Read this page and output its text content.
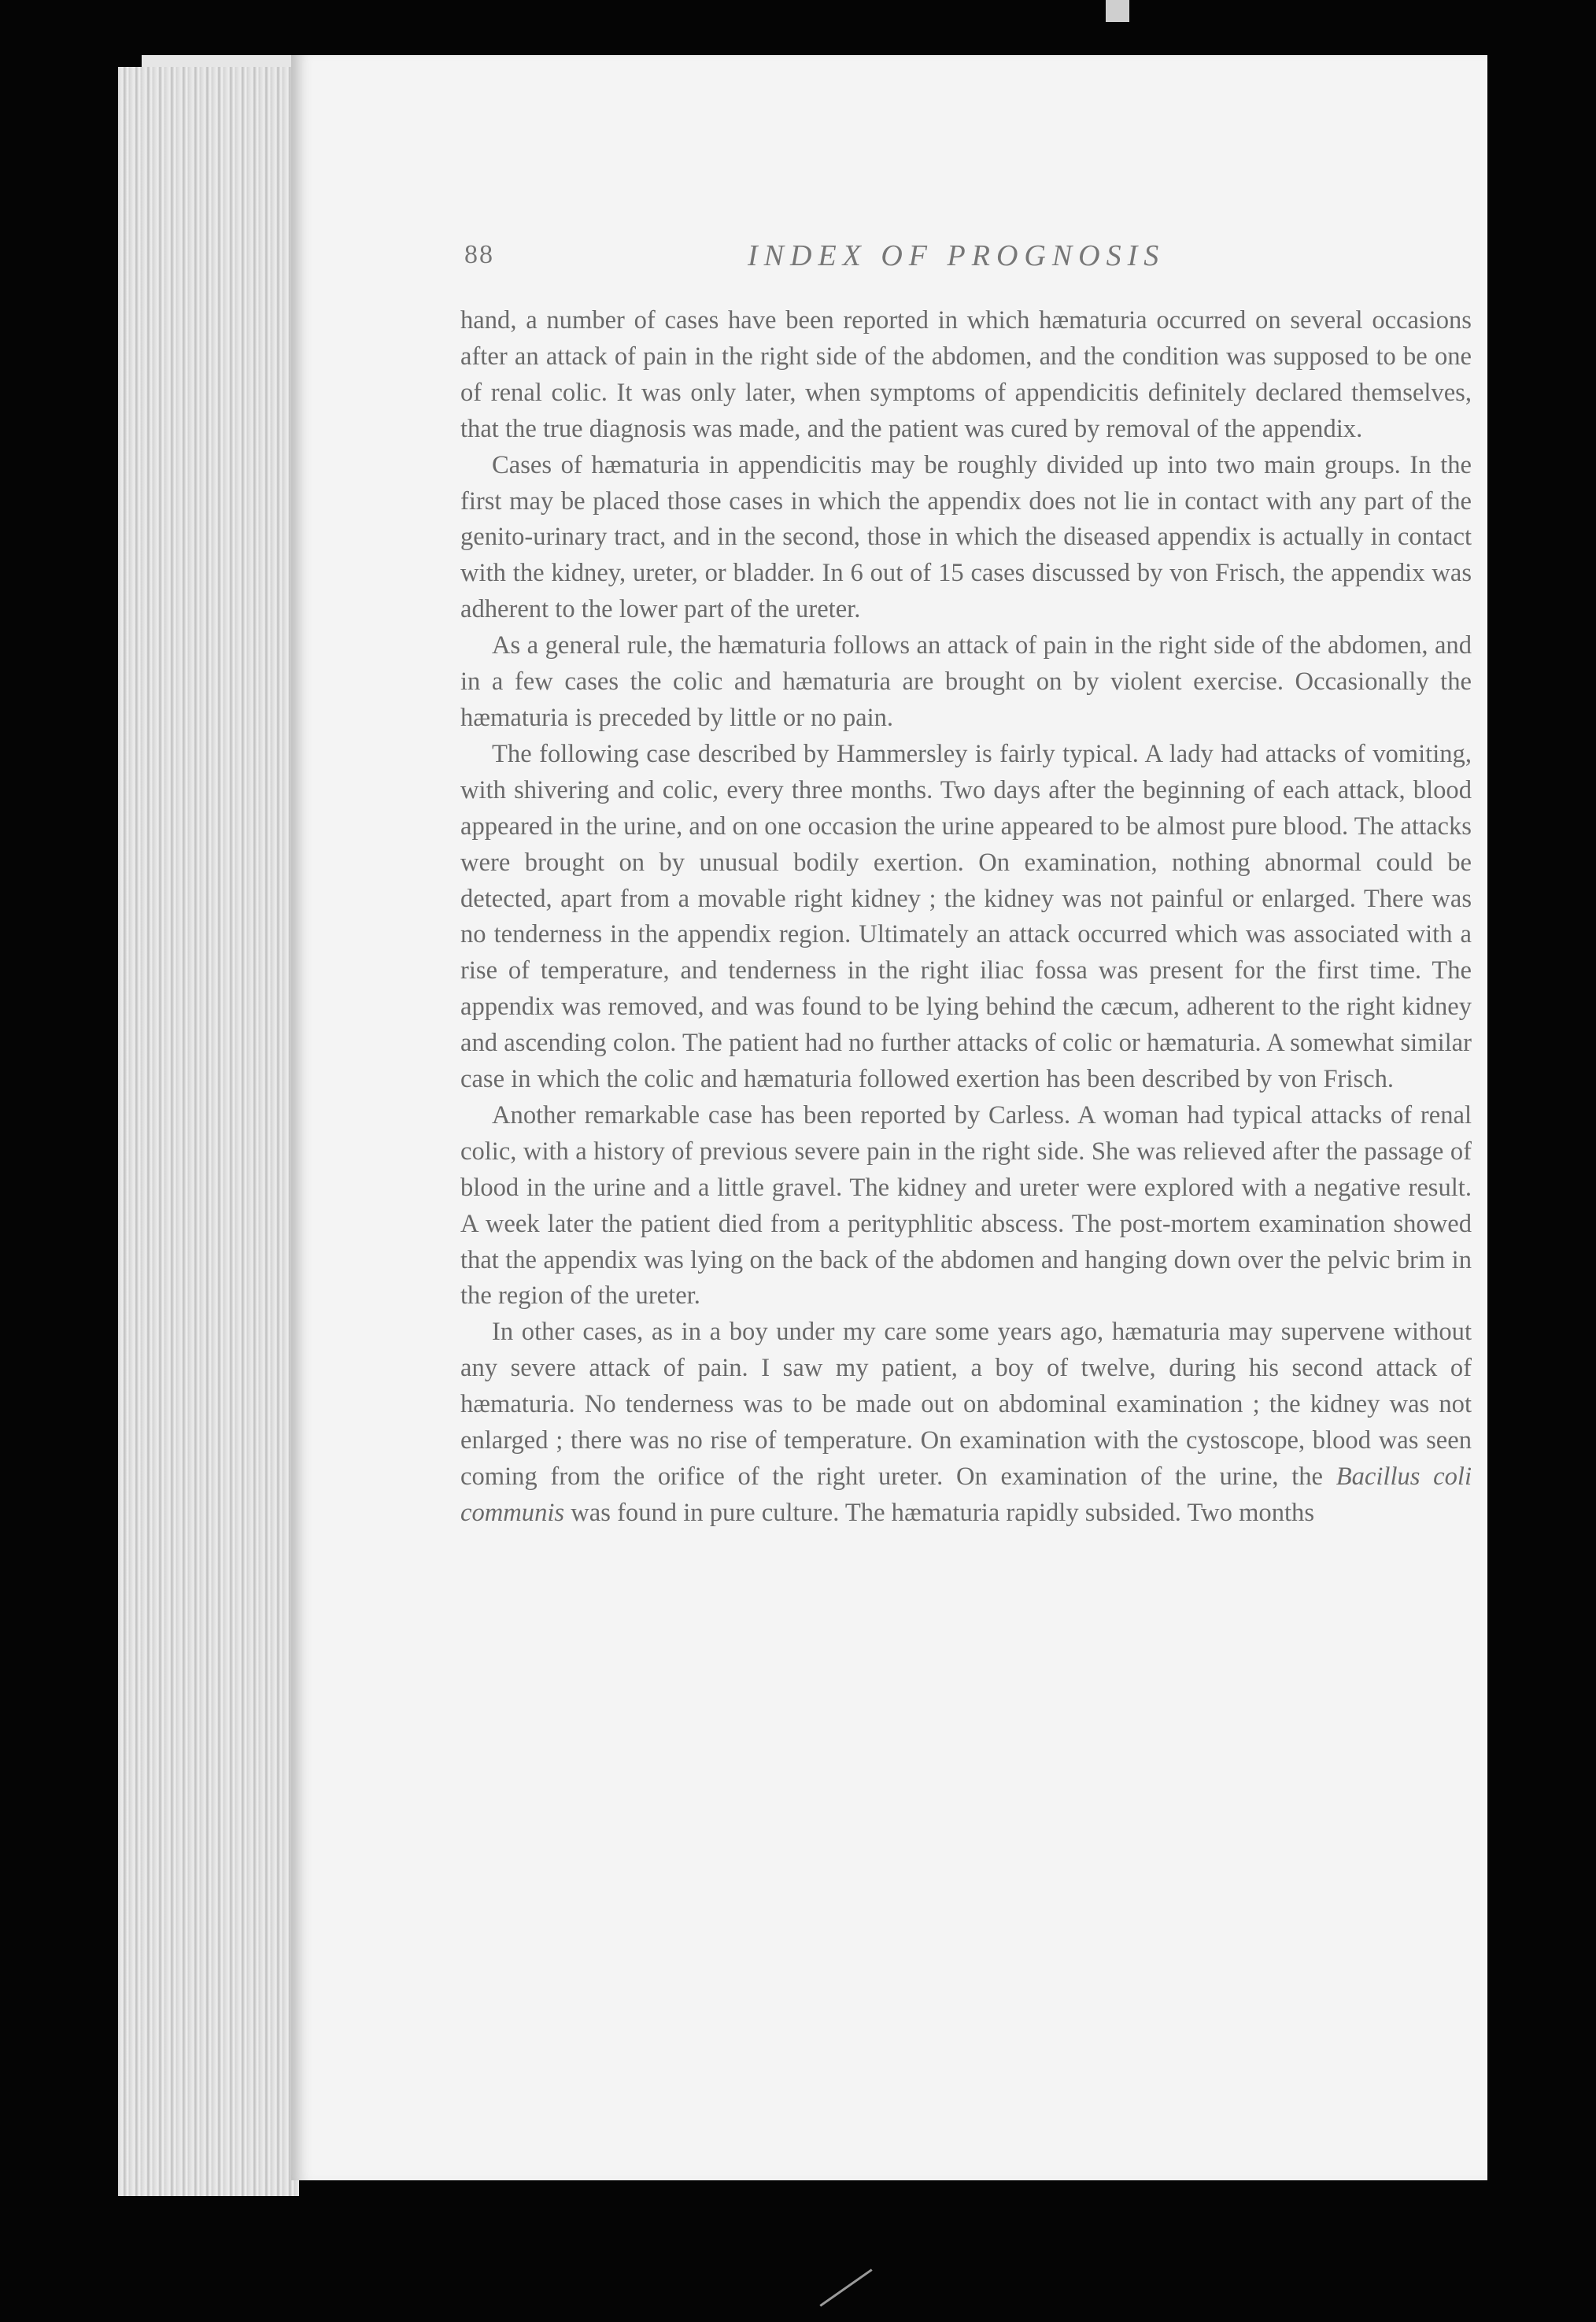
88	INDEX OF PROGNOSIS

hand, a number of cases have been reported in which hæmaturia occurred on several occasions after an attack of pain in the right side of the abdomen, and the condition was supposed to be one of renal colic. It was only later, when symptoms of appendicitis definitely declared themselves, that the true diagnosis was made, and the patient was cured by removal of the appendix.

Cases of hæmaturia in appendicitis may be roughly divided up into two main groups. In the first may be placed those cases in which the appendix does not lie in contact with any part of the genito-urinary tract, and in the second, those in which the diseased appendix is actually in contact with the kidney, ureter, or bladder. In 6 out of 15 cases discussed by von Frisch, the appendix was adherent to the lower part of the ureter.

As a general rule, the hæmaturia follows an attack of pain in the right side of the abdomen, and in a few cases the colic and hæmaturia are brought on by violent exercise. Occasionally the hæmaturia is preceded by little or no pain.

The following case described by Hammersley is fairly typical. A lady had attacks of vomiting, with shivering and colic, every three months. Two days after the beginning of each attack, blood appeared in the urine, and on one occasion the urine appeared to be almost pure blood. The attacks were brought on by unusual bodily exertion. On examination, nothing abnormal could be detected, apart from a movable right kidney ; the kidney was not painful or enlarged. There was no tenderness in the appendix region. Ultimately an attack occurred which was associated with a rise of temperature, and tenderness in the right iliac fossa was present for the first time. The appendix was removed, and was found to be lying behind the cæcum, adherent to the right kidney and ascending colon. The patient had no further attacks of colic or hæmaturia. A somewhat similar case in which the colic and hæmaturia followed exertion has been described by von Frisch.

Another remarkable case has been reported by Carless. A woman had typical attacks of renal colic, with a history of previous severe pain in the right side. She was relieved after the passage of blood in the urine and a little gravel. The kidney and ureter were explored with a negative result. A week later the patient died from a perityphlitic abscess. The post-mortem examination showed that the appendix was lying on the back of the abdomen and hanging down over the pelvic brim in the region of the ureter.

In other cases, as in a boy under my care some years ago, hæmaturia may supervene without any severe attack of pain. I saw my patient, a boy of twelve, during his second attack of hæmaturia. No tenderness was to be made out on abdominal examination ; the kidney was not enlarged ; there was no rise of temperature. On examination with the cystoscope, blood was seen coming from the orifice of the right ureter. On examination of the urine, the Bacillus coli communis was found in pure culture. The hæmaturia rapidly subsided. Two months
